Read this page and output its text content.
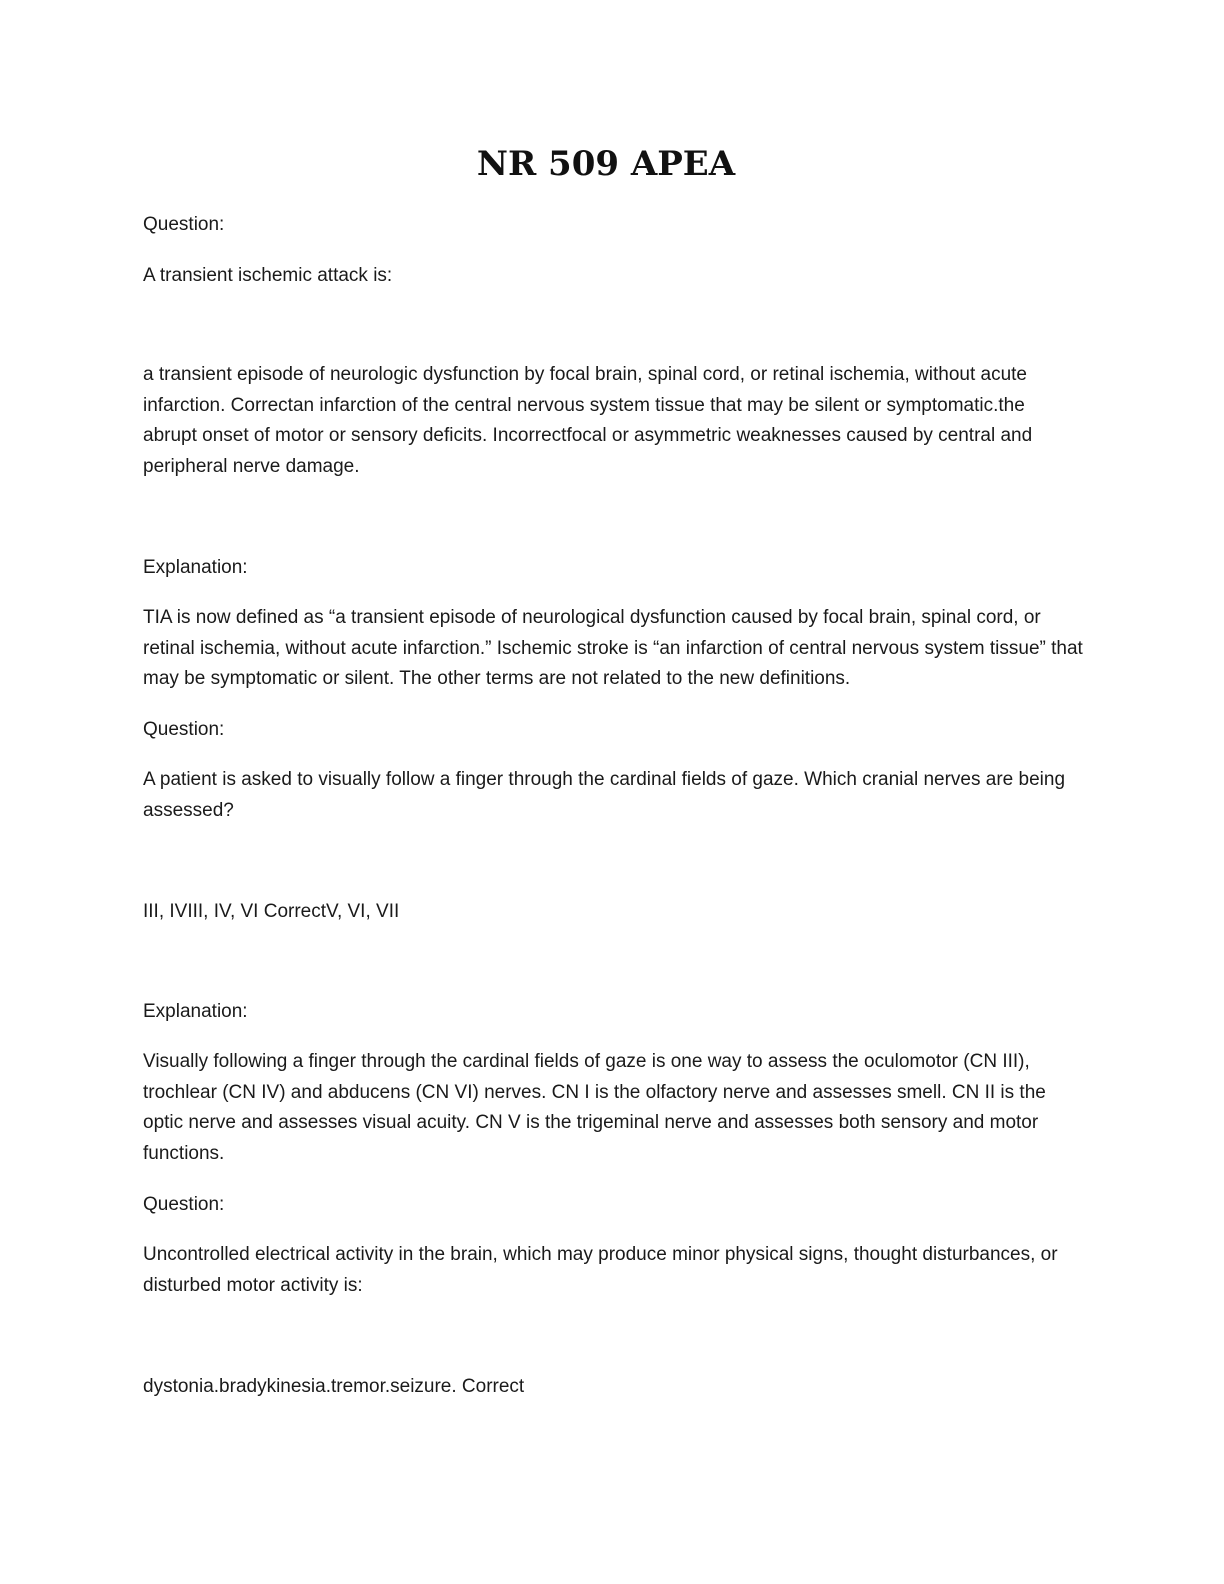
NR 509 APEA

Question:

A transient ischemic attack is:

a transient episode of neurologic dysfunction by focal brain, spinal cord, or retinal ischemia, without acute infarction. Correctan infarction of the central nervous system tissue that may be silent or symptomatic.the abrupt onset of motor or sensory deficits. Incorrectfocal or asymmetric weaknesses caused by central and peripheral nerve damage.

Explanation:

TIA is now defined as “a transient episode of neurological dysfunction caused by focal brain, spinal cord, or retinal ischemia, without acute infarction.” Ischemic stroke is “an infarction of central nervous system tissue” that may be symptomatic or silent. The other terms are not related to the new definitions.

Question:

A patient is asked to visually follow a finger through the cardinal fields of gaze. Which cranial nerves are being assessed?

III, IVIII, IV, VI CorrectV, VI, VII

Explanation:

Visually following a finger through the cardinal fields of gaze is one way to assess the oculomotor (CN III), trochlear (CN IV) and abducens (CN VI) nerves. CN I is the olfactory nerve and assesses smell. CN II is the optic nerve and assesses visual acuity. CN V is the trigeminal nerve and assesses both sensory and motor functions.

Question:

Uncontrolled electrical activity in the brain, which may produce minor physical signs, thought disturbances, or disturbed motor activity is:

dystonia.bradykinesia.tremor.seizure. Correct
